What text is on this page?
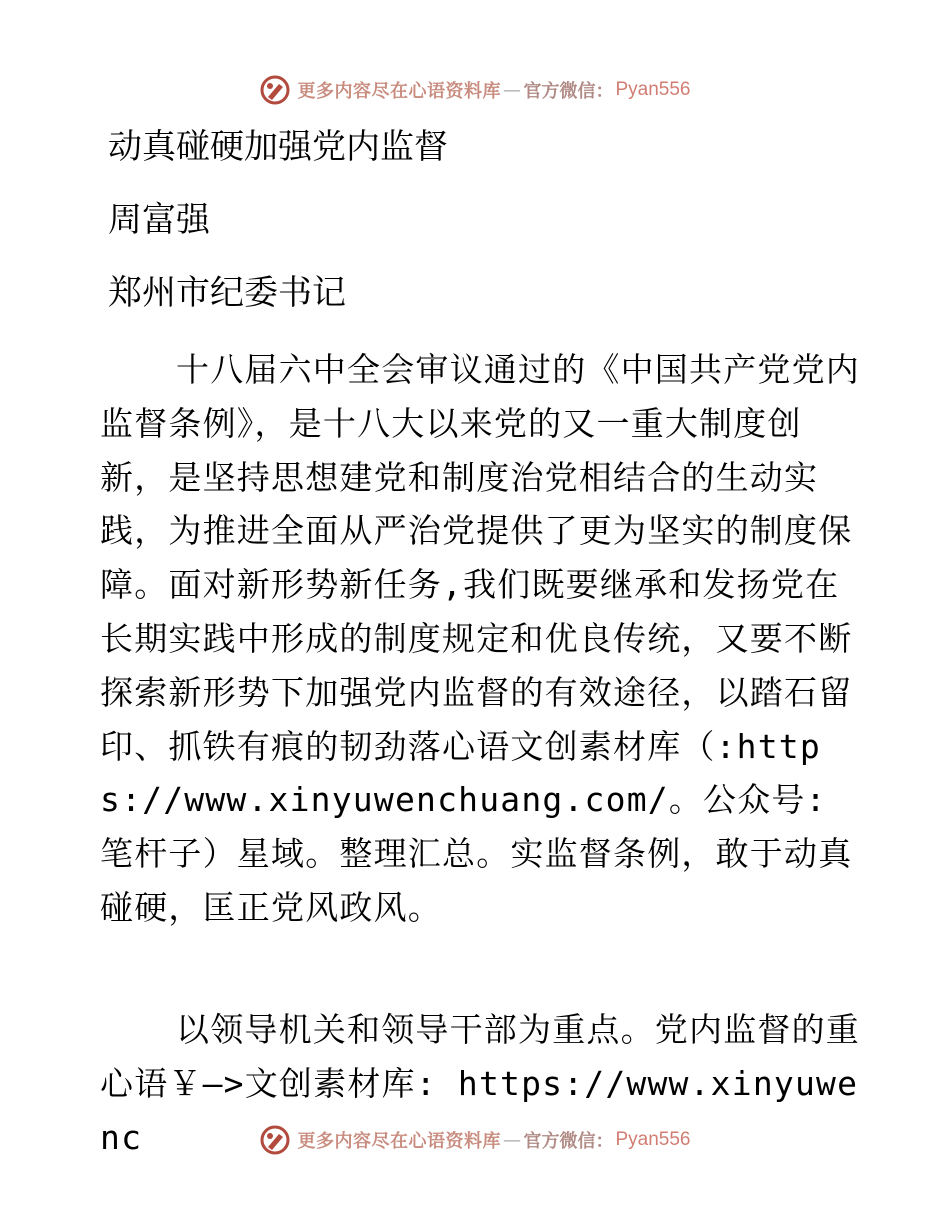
更多内容尽在心语资料库 — 官方微信： Pyan556
动真碰硬加强党内监督
周富强
郑州市纪委书记

十八届六中全会审议通过的《中国共产党党内监督条例》，是十八大以来党的又一重大制度创新，是坚持思想建党和制度治党相结合的生动实践，为推进全面从严治党提供了更为坚实的制度保障。面对新形势新任务,我们既要继承和发扬党在长期实践中形成的制度规定和优良传统，又要不断探索新形势下加强党内监督的有效途径，以踏石留印、抓铁有痕的韧劲落心语文创素材库（:https://www.xinyuwenchuang.com/。公众号: 笔杆子）星域。整理汇总。实监督条例，敢于动真碰硬，匡正党风政风。

以领导机关和领导干部为重点。党内监督的重心语￥—>文创素材库: https://www.xinyuwenc	更多内容尽在心语资料库 — 官方微信： Pyan556
